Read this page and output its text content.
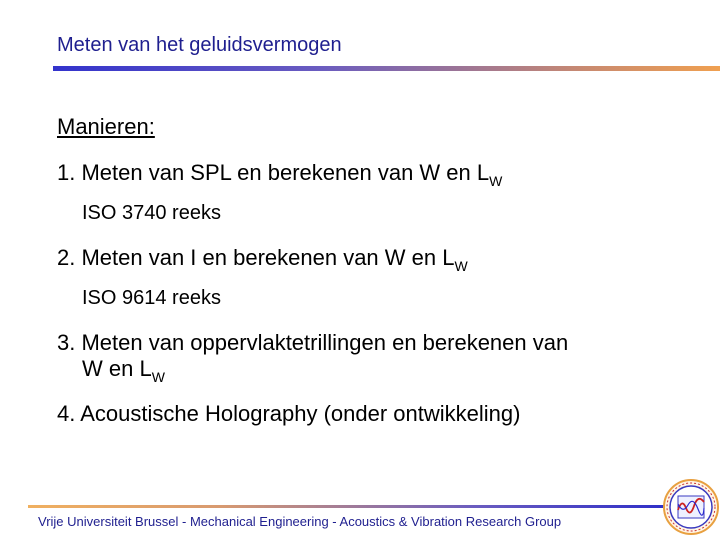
Meten van het geluidsvermogen
Manieren:
1. Meten van SPL en berekenen van W en $L_W$
ISO 3740 reeks
2. Meten van I en berekenen van W en $L_W$
ISO 9614 reeks
3. Meten van oppervlaktetrillingen en berekenen van
W en $L_W$
4. Acoustische Holography (onder ontwikkeling)
Vrije Universiteit Brussel - Mechanical Engineering - Acoustics & Vibration Research Group
